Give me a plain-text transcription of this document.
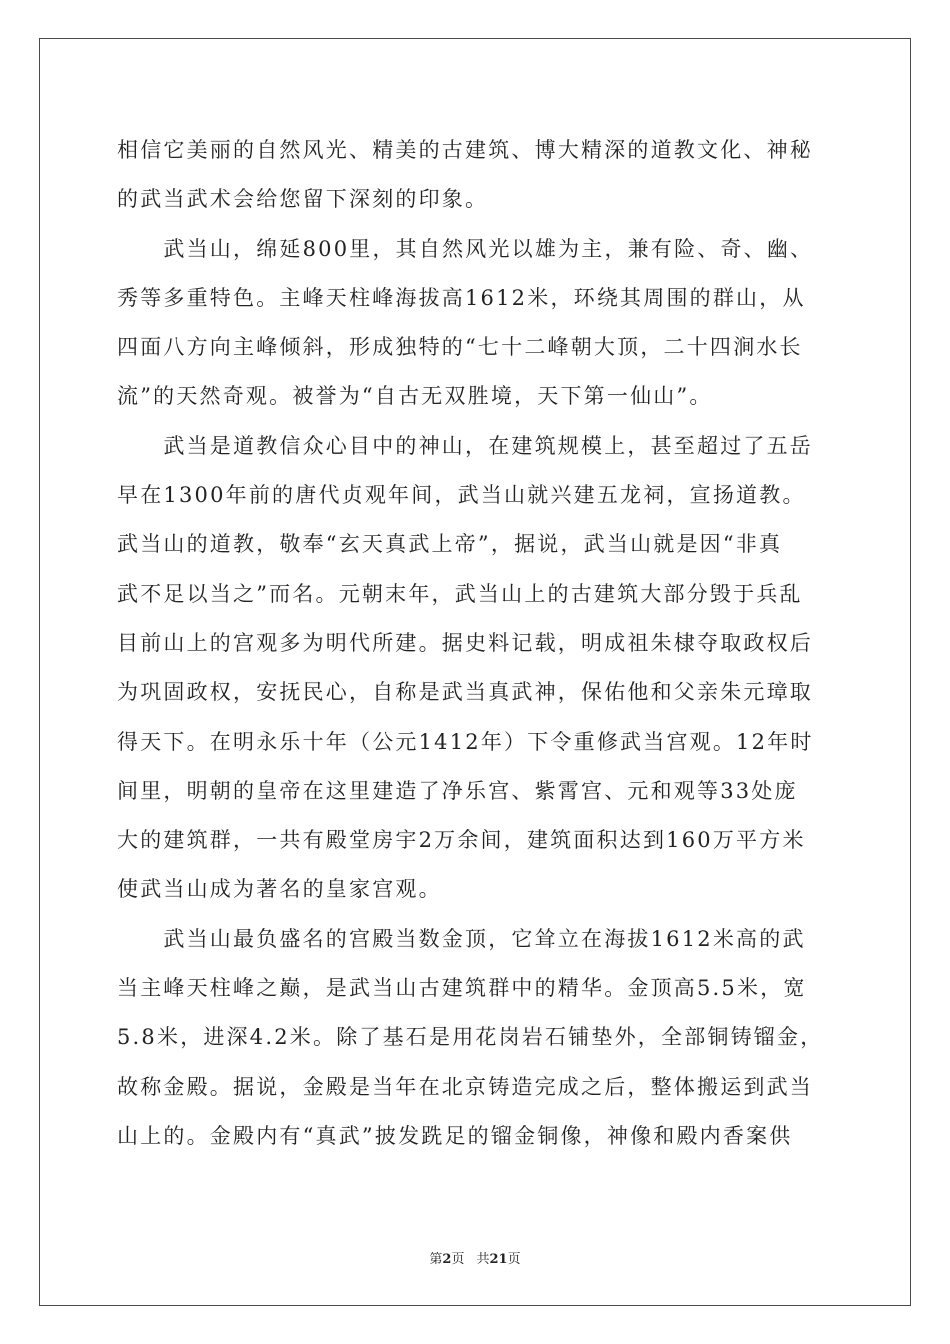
相信它美丽的自然风光、精美的古建筑、博大精深的道教文化、神秘

的武当武术会给您留下深刻的印象。

　　武当山，绵延800里，其自然风光以雄为主，兼有险、奇、幽、

秀等多重特色。主峰天柱峰海拔高1612米，环绕其周围的群山，从

四面八方向主峰倾斜，形成独特的“七十二峰朝大顶，二十四涧水长

流”的天然奇观。被誉为“自古无双胜境，天下第一仙山”。

　　武当是道教信众心目中的神山，在建筑规模上，甚至超过了五岳

早在1300年前的唐代贞观年间，武当山就兴建五龙祠，宣扬道教。

武当山的道教，敬奉“玄天真武上帝”，据说，武当山就是因“非真

武不足以当之”而名。元朝末年，武当山上的古建筑大部分毁于兵乱

目前山上的宫观多为明代所建。据史料记载，明成祖朱棣夺取政权后

为巩固政权，安抚民心，自称是武当真武神，保佑他和父亲朱元璋取

得天下。在明永乐十年（公元1412年）下令重修武当宫观。12年时

间里，明朝的皇帝在这里建造了净乐宫、紫霄宫、元和观等33处庞

大的建筑群，一共有殿堂房宇2万余间，建筑面积达到160万平方米

使武当山成为著名的皇家宫观。

　　武当山最负盛名的宫殿当数金顶，它耸立在海拔1612米高的武

当主峰天柱峰之巅，是武当山古建筑群中的精华。金顶高5.5米，宽

5.8米，进深4.2米。除了基石是用花岗岩石铺垫外，全部铜铸镏金，

故称金殿。据说，金殿是当年在北京铸造完成之后，整体搬运到武当

山上的。金殿内有“真武”披发跣足的镏金铜像，神像和殿内香案供

第2页 共21页
